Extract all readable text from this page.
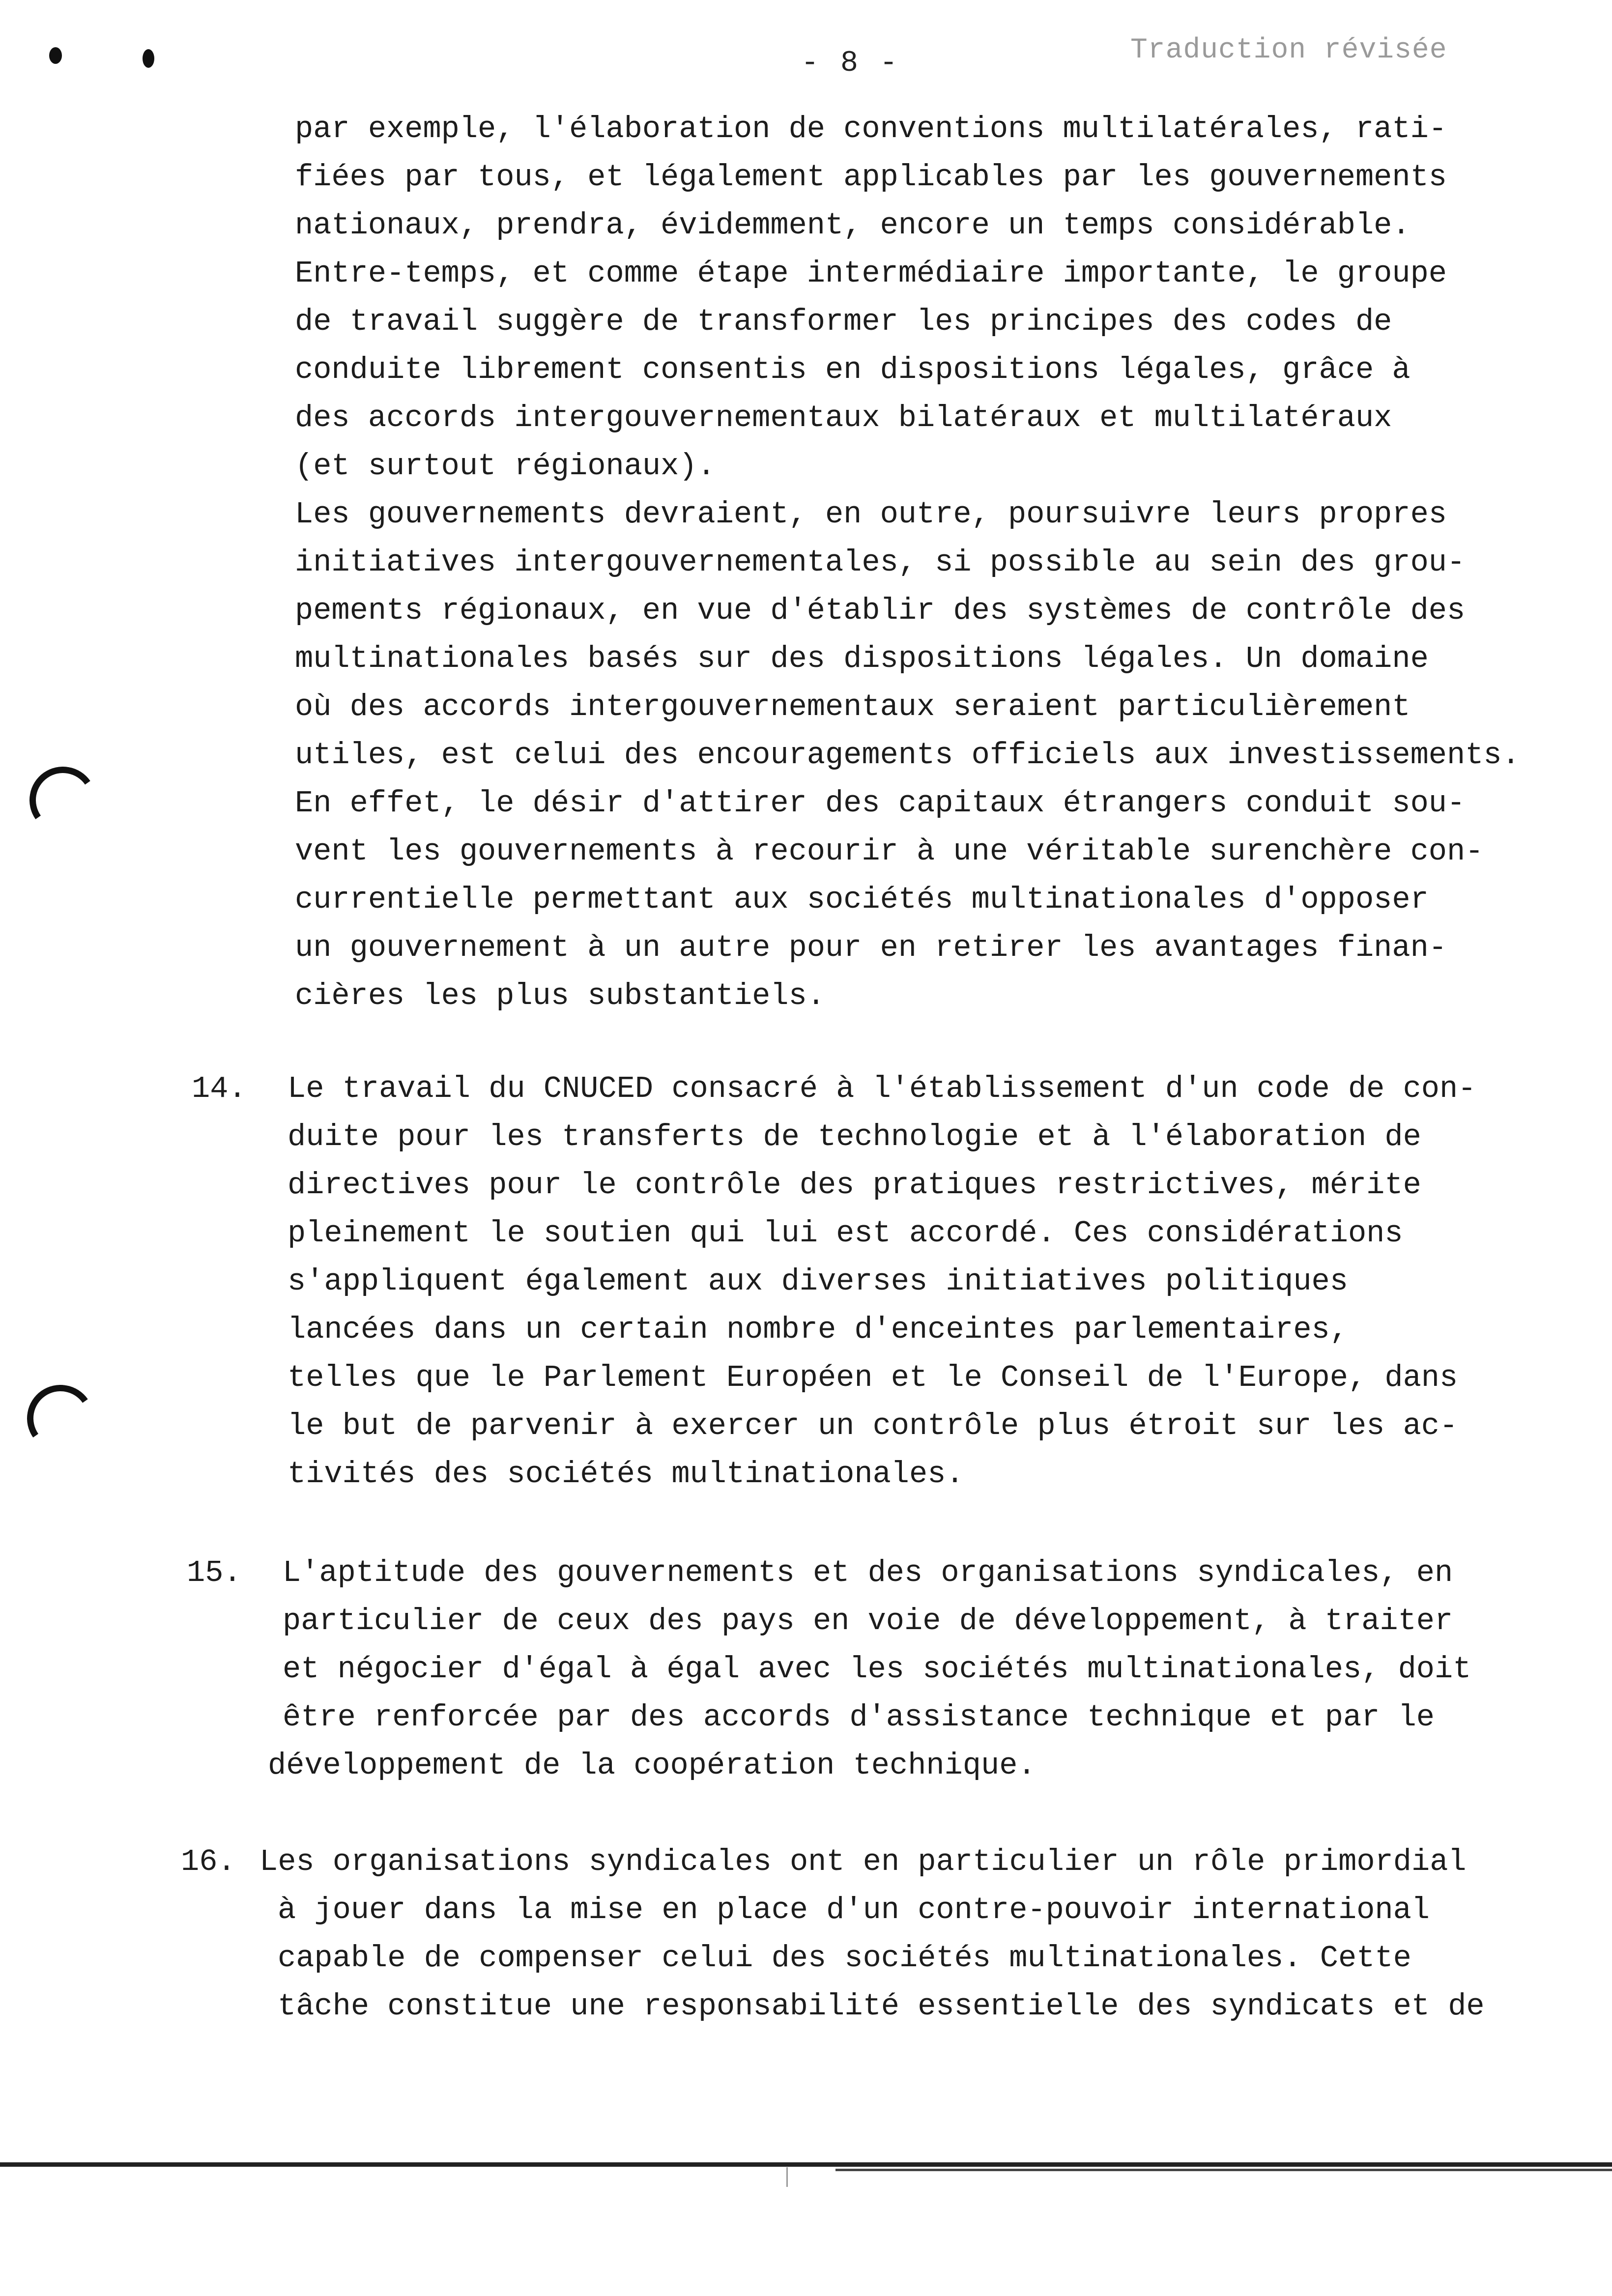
- 8 -	Traduction révisée
par exemple, l'élaboration de conventions multilatérales, rati-
fiées par tous, et légalement applicables par les gouvernements
nationaux, prendra, évidemment, encore un temps considérable.
Entre-temps, et comme étape intermédiaire importante, le groupe
de travail suggère de transformer les principes des codes de
conduite librement consentis en dispositions légales, grâce à
des accords intergouvernementaux bilatéraux et multilatéraux
(et surtout régionaux).
Les gouvernements devraient, en outre, poursuivre leurs propres
initiatives intergouvernementales, si possible au sein des grou-
pements régionaux, en vue d'établir des systèmes de contrôle des
multinationales basés sur des dispositions légales. Un domaine
où des accords intergouvernementaux seraient particulièrement
utiles, est celui des encouragements officiels aux investissements.
En effet, le désir d'attirer des capitaux étrangers conduit sou-
vent les gouvernements à recourir à une véritable surenchère con-
currentielle permettant aux sociétés multinationales d'opposer
un gouvernement à un autre pour en retirer les avantages finan-
cières les plus substantiels.
14. Le travail du CNUCED consacré à l'établissement d'un code de con-
duite pour les transferts de technologie et à l'élaboration de
directives pour le contrôle des pratiques restrictives, mérite
pleinement le soutien qui lui est accordé. Ces considérations
s'appliquent également aux diverses initiatives politiques
lancées dans un certain nombre d'enceintes parlementaires,
telles que le Parlement Européen et le Conseil de l'Europe, dans
le but de parvenir à exercer un contrôle plus étroit sur les ac-
tivités des sociétés multinationales.
15. L'aptitude des gouvernements et des organisations syndicales, en
particulier de ceux des pays en voie de développement, à traiter
et négocier d'égal à égal avec les sociétés multinationales, doit
être renforcée par des accords d'assistance technique et par le
développement de la coopération technique.
16. Les organisations syndicales ont en particulier un rôle primordial
à jouer dans la mise en place d'un contre-pouvoir international
capable de compenser celui des sociétés multinationales. Cette
tâche constitue une responsabilité essentielle des syndicats et de
